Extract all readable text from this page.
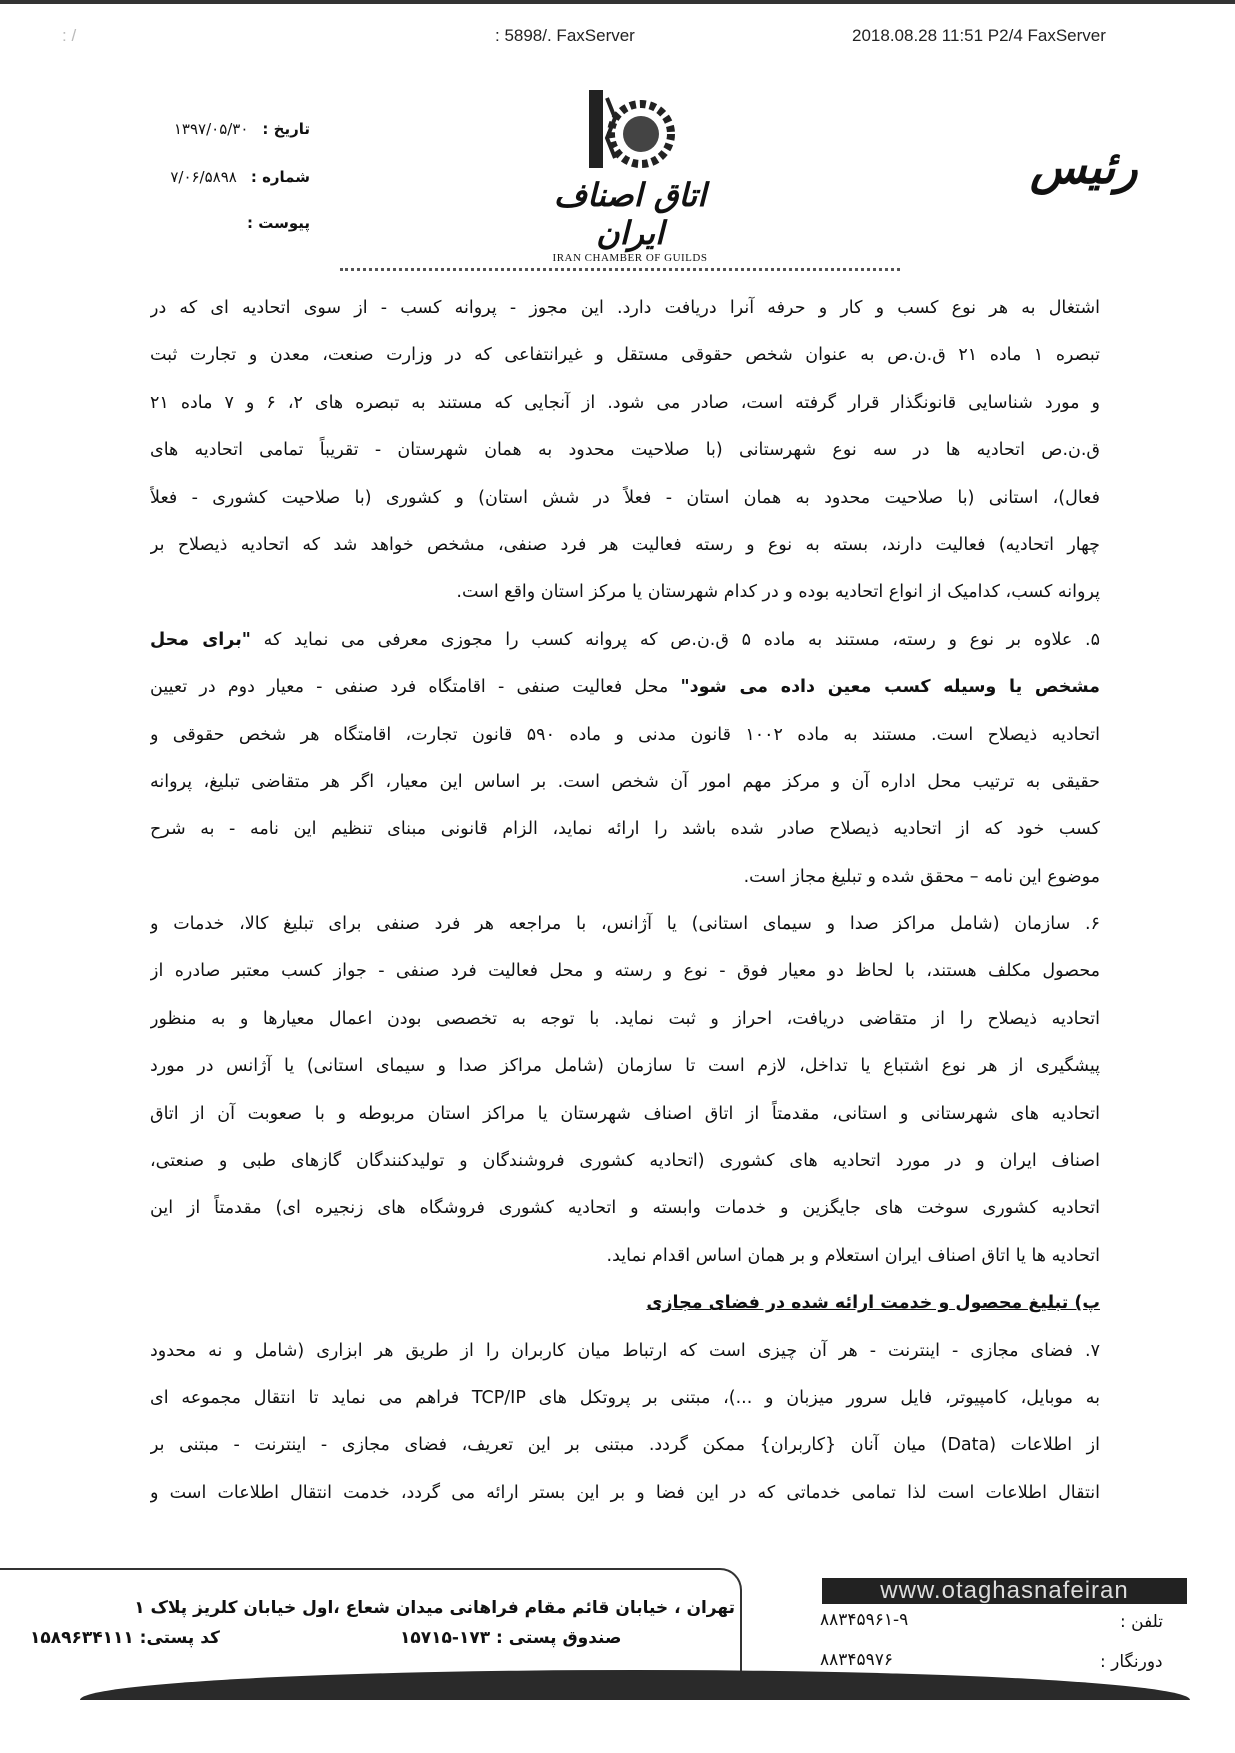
: /	: 5898/. FaxServer	2018.08.28 11:51 P2/4 FaxServer
تاریخ :
۱۳۹۷/۰۵/۳۰
شماره :
۷/۰۶/۵۸۹۸
پیوست :
اتاق اصناف ایران
IRAN CHAMBER OF GUILDS
رئیس
اشتغال به هر نوع کسب و کار و حرفه آنرا دریافت دارد. این مجوز - پروانه کسب - از سوی اتحادیه ای که در
تبصره ۱ ماده ۲۱ ق.ن.ص به عنوان شخص حقوقی مستقل و غیرانتفاعی که در وزارت صنعت، معدن و تجارت ثبت
و مورد شناسایی قانونگذار قرار گرفته است، صادر می شود. از آنجایی که مستند به تبصره های ۲، ۶ و ۷ ماده ۲۱
ق.ن.ص اتحادیه ها در سه نوع شهرستانی (با صلاحیت محدود به همان شهرستان - تقریباً تمامی اتحادیه های
فعال)، استانی (با صلاحیت محدود به همان استان - فعلاً در شش استان) و کشوری (با صلاحیت کشوری - فعلاً
چهار اتحادیه) فعالیت دارند، بسته به نوع و رسته فعالیت هر فرد صنفی، مشخص خواهد شد که اتحادیه ذیصلاح بر
پروانه کسب، کدامیک از انواع اتحادیه بوده و در کدام شهرستان یا مرکز استان واقع است.
۵. علاوه بر نوع و رسته، مستند به ماده ۵ ق.ن.ص که پروانه کسب را مجوزی معرفی می نماید که "برای محل
مشخص یا وسیله کسب معین داده می شود" محل فعالیت صنفی - اقامتگاه فرد صنفی - معیار دوم در تعیین
اتحادیه ذیصلاح است. مستند به ماده ۱۰۰۲ قانون مدنی و ماده ۵۹۰ قانون تجارت، اقامتگاه هر شخص حقوقی و
حقیقی به ترتیب محل اداره آن و مرکز مهم امور آن شخص است. بر اساس این معیار، اگر هر متقاضی تبلیغ، پروانه
کسب خود که از اتحادیه ذیصلاح صادر شده باشد را ارائه نماید، الزام قانونی مبنای تنظیم این نامه - به شرح
موضوع این نامه – محقق شده و تبلیغ مجاز است.
۶. سازمان (شامل مراکز صدا و سیمای استانی) یا آژانس، با مراجعه هر فرد صنفی برای تبلیغ کالا، خدمات و
محصول مکلف هستند، با لحاظ دو معیار فوق - نوع و رسته و محل فعالیت فرد صنفی - جواز کسب معتبر صادره از
اتحادیه ذیصلاح را از متقاضی دریافت، احراز و ثبت نماید. با توجه به تخصصی بودن اعمال معیارها و به منظور
پیشگیری از هر نوع اشتباع یا تداخل، لازم است تا سازمان (شامل مراکز صدا و سیمای استانی) یا آژانس در مورد
اتحادیه های شهرستانی و استانی، مقدمتاً از اتاق اصناف شهرستان یا مراکز استان مربوطه و با صعوبت آن از اتاق
اصناف ایران و در مورد اتحادیه های کشوری (اتحادیه کشوری فروشندگان و تولیدکنندگان گازهای طبی و صنعتی،
اتحادیه کشوری سوخت های جایگزین و خدمات وابسته و اتحادیه کشوری فروشگاه های زنجیره ای) مقدمتاً از این
اتحادیه ها یا اتاق اصناف ایران استعلام و بر همان اساس اقدام نماید.
پ) تبلیغ محصول و خدمت ارائه شده در فضای مجازی
۷. فضای مجازی - اینترنت - هر آن چیزی است که ارتباط میان کاربران را از طریق هر ابزاری (شامل و نه محدود
به موبایل، کامپیوتر، فایل سرور میزبان و ...)، مبتنی بر پروتکل های TCP/IP فراهم می نماید تا انتقال مجموعه ای
از اطلاعات (Data) میان آنان {کاربران} ممکن گردد. مبتنی بر این تعریف، فضای مجازی - اینترنت - مبتنی بر
انتقال اطلاعات است لذا تمامی خدماتی که در این فضا و بر این بستر ارائه می گردد، خدمت انتقال اطلاعات است و
تهران ، خیابان قائم مقام فراهانی میدان شعاع ،اول خیابان کلریز پلاک ۱
صندوق پستی : ۱۷۳-۱۵۷۱۵
کد پستی: ۱۵۸۹۶۳۴۱۱۱
www.otaghasnafeiran
۸۸۳۴۵۹۶۱-۹	تلفن :
۸۸۳۴۵۹۷۶	دورنگار :
